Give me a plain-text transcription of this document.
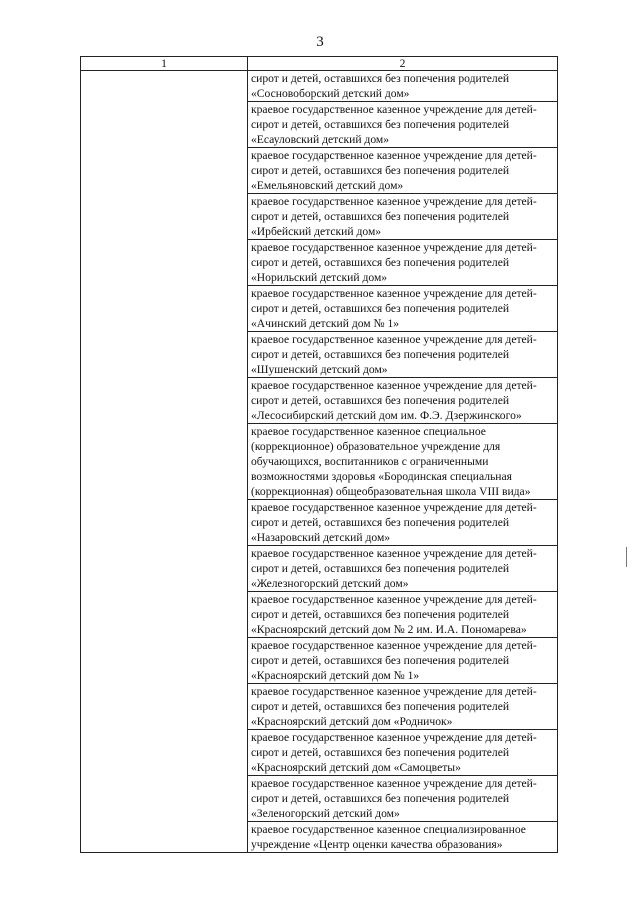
3
1	2

	сирот и детей, оставшихся без попечения родителей
«Сосновоборский детский дом»

	краевое государственное казенное учреждение для детей-
сирот и детей, оставшихся без попечения родителей
«Есауловский детский дом»

	краевое государственное казенное учреждение для детей-
сирот и детей, оставшихся без попечения родителей
«Емельяновский детский дом»

	краевое государственное казенное учреждение для детей-
сирот и детей, оставшихся без попечения родителей
«Ирбейский детский дом»

	краевое государственное казенное учреждение для детей-
сирот и детей, оставшихся без попечения родителей
«Норильский детский дом»

	краевое государственное казенное учреждение для детей-
сирот и детей, оставшихся без попечения родителей
«Ачинский детский дом № 1»

	краевое государственное казенное учреждение для детей-
сирот и детей, оставшихся без попечения родителей
«Шушенский детский дом»

	краевое государственное казенное учреждение для детей-
сирот и детей, оставшихся без попечения родителей
«Лесосибирский детский дом им. Ф.Э. Дзержинского»

	краевое государственное казенное специальное
(коррекционное) образовательное учреждение для
обучающихся, воспитанников с ограниченными
возможностями здоровья «Бородинская специальная
(коррекционная) общеобразовательная школа VIII вида»

	краевое государственное казенное учреждение для детей-
сирот и детей, оставшихся без попечения родителей
«Назаровский детский дом»

	краевое государственное казенное учреждение для детей-
сирот и детей, оставшихся без попечения родителей
«Железногорский детский дом»

	краевое государственное казенное учреждение для детей-
сирот и детей, оставшихся без попечения родителей
«Красноярский детский дом № 2 им. И.А. Пономарева»

	краевое государственное казенное учреждение для детей-
сирот и детей, оставшихся без попечения родителей
«Красноярский детский дом № 1»

	краевое государственное казенное учреждение для детей-
сирот и детей, оставшихся без попечения родителей
«Красноярский детский дом «Родничок»

	краевое государственное казенное учреждение для детей-
сирот и детей, оставшихся без попечения родителей
«Красноярский детский дом «Самоцветы»

	краевое государственное казенное учреждение для детей-
сирот и детей, оставшихся без попечения родителей
«Зеленогорский детский дом»

	краевое государственное казенное специализированное
учреждение «Центр оценки качества образования»
